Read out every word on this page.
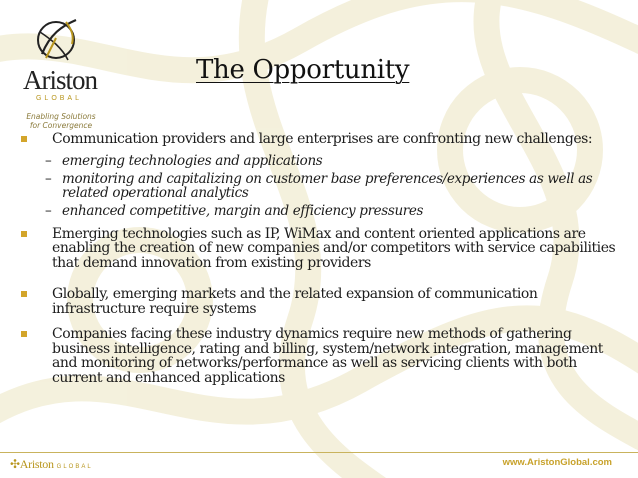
Ariston
GLOBAL
Enabling Solutions
for Convergence
The Opportunity
Communication providers and large enterprises are confronting new challenges:
– emerging technologies and applications
– monitoring and capitalizing on customer base preferences/experiences as well as related operational analytics
– enhanced competitive, margin and efficiency pressures
Emerging technologies such as IP, WiMax and content oriented applications are enabling the creation of new companies and/or competitors with service capabilities that demand innovation from existing providers
Globally, emerging markets and the related expansion of communication infrastructure require systems
Companies facing these industry dynamics require new methods of gathering business intelligence, rating and billing, system/network integration, management and monitoring of networks/performance as well as servicing clients with both current and enhanced applications
✣Ariston GLOBAL	www.AristonGlobal.com
